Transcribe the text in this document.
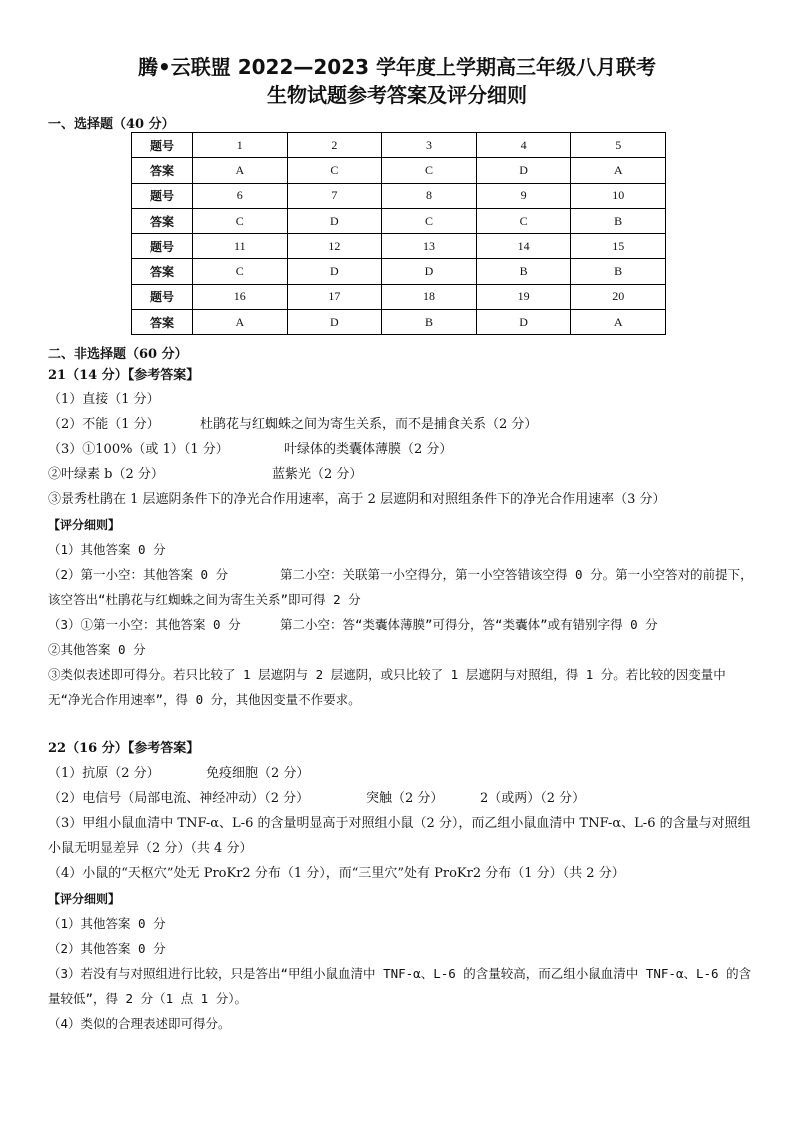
腾•云联盟 2022—2023 学年度上学期高三年级八月联考
生物试题参考答案及评分细则
一、选择题（40 分）
题号	1	2	3	4	5
答案	A	C	C	D	A
题号	6	7	8	9	10
答案	C	D	C	C	B
题号	11	12	13	14	15
答案	C	D	D	B	B
题号	16	17	18	19	20
答案	A	D	B	D	A
二、非选择题（60 分）
21（14 分）【参考答案】
（1）直接（1 分）
（2）不能（1 分）	杜鹃花与红蜘蛛之间为寄生关系，而不是捕食关系（2 分）
（3）①100%（或 1）（1 分）	叶绿体的类囊体薄膜（2 分）
②叶绿素 b（2 分）	蓝紫光（2 分）
③景秀杜鹃在 1 层遮阴条件下的净光合作用速率，高于 2 层遮阴和对照组条件下的净光合作用速率（3 分）
【评分细则】
（1）其他答案 0 分
（2）第一小空：其他答案 0 分	第二小空：关联第一小空得分，第一小空答错该空得 0 分。第一小空答对的前提下，该空答出“杜鹃花与红蜘蛛之间为寄生关系”即可得 2 分
（3）①第一小空：其他答案 0 分	第二小空：答“类囊体薄膜”可得分，答“类囊体”或有错别字得 0 分
②其他答案 0 分
③类似表述即可得分。若只比较了 1 层遮阴与 2 层遮阴，或只比较了 1 层遮阴与对照组，得 1 分。若比较的因变量中无“净光合作用速率”，得 0 分，其他因变量不作要求。
22（16 分）【参考答案】
（1）抗原（2 分）	免疫细胞（2 分）
（2）电信号（局部电流、神经冲动）（2 分）	突触（2 分）	2（或两）（2 分）
（3）甲组小鼠血清中 TNF-α、L-6 的含量明显高于对照组小鼠（2 分），而乙组小鼠血清中 TNF-α、L-6 的含量与对照组小鼠无明显差异（2 分）（共 4 分）
（4）小鼠的“天枢穴”处无 ProKr2 分布（1 分），而“三里穴”处有 ProKr2 分布（1 分）（共 2 分）
【评分细则】
（1）其他答案 0 分
（2）其他答案 0 分
（3）若没有与对照组进行比较，只是答出“甲组小鼠血清中 TNF-α、L-6 的含量较高，而乙组小鼠血清中 TNF-α、L-6 的含量较低”，得 2 分（1 点 1 分）。
（4）类似的合理表述即可得分。
